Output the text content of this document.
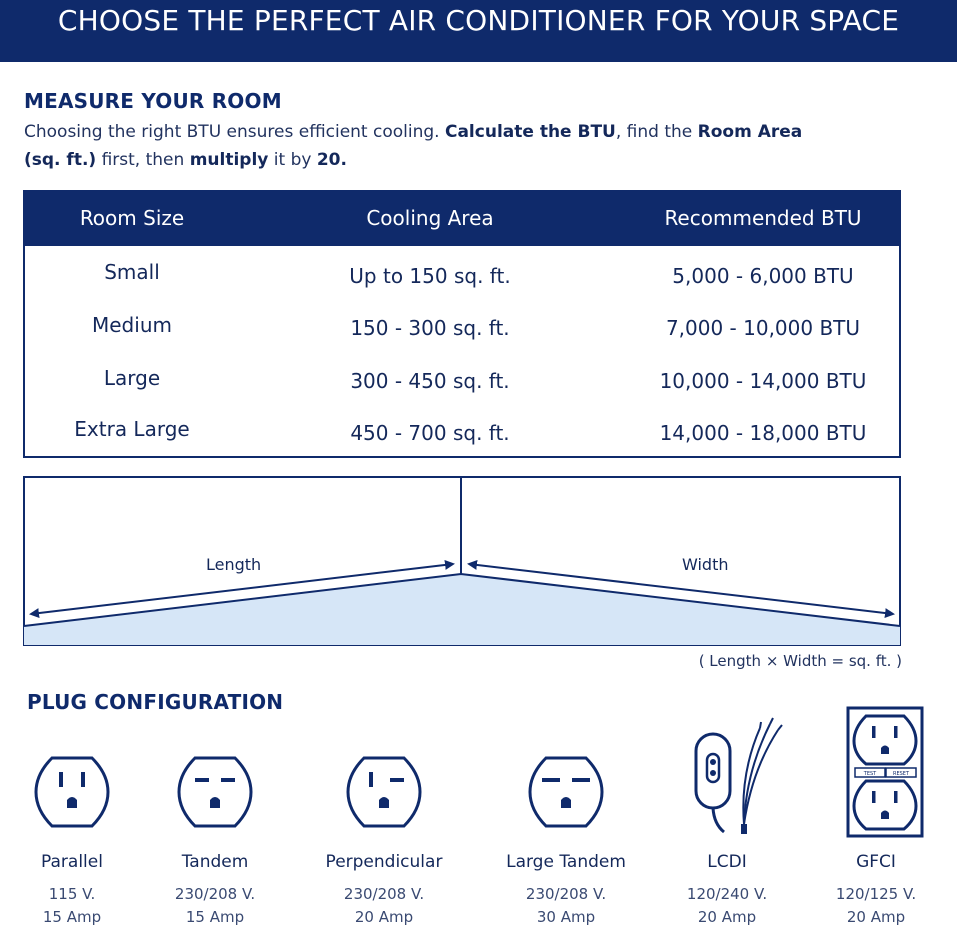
CHOOSE THE PERFECT AIR CONDITIONER FOR YOUR SPACE
MEASURE YOUR ROOM
Choosing the right BTU ensures efficient cooling. Calculate the BTU, find the Room Area
(sq. ft.) first, then multiply it by 20.
Room Size	Cooling Area	Recommended BTU
Small	Up to 150 sq. ft.	5,000 - 6,000 BTU
Medium	150 - 300 sq. ft.	7,000 - 10,000 BTU
Large	300 - 450 sq. ft.	10,000 - 14,000 BTU
Extra Large	450 - 700 sq. ft.	14,000 - 18,000 BTU
Length	Width
( Length × Width = sq. ft. )
PLUG CONFIGURATION
TEST	RESET
Parallel
115 V.
15 Amp
Tandem
230/208 V.
15 Amp
Perpendicular
230/208 V.
20 Amp
Large Tandem
230/208 V.
30 Amp
LCDI
120/240 V.
20 Amp
GFCI
120/125 V.
20 Amp
